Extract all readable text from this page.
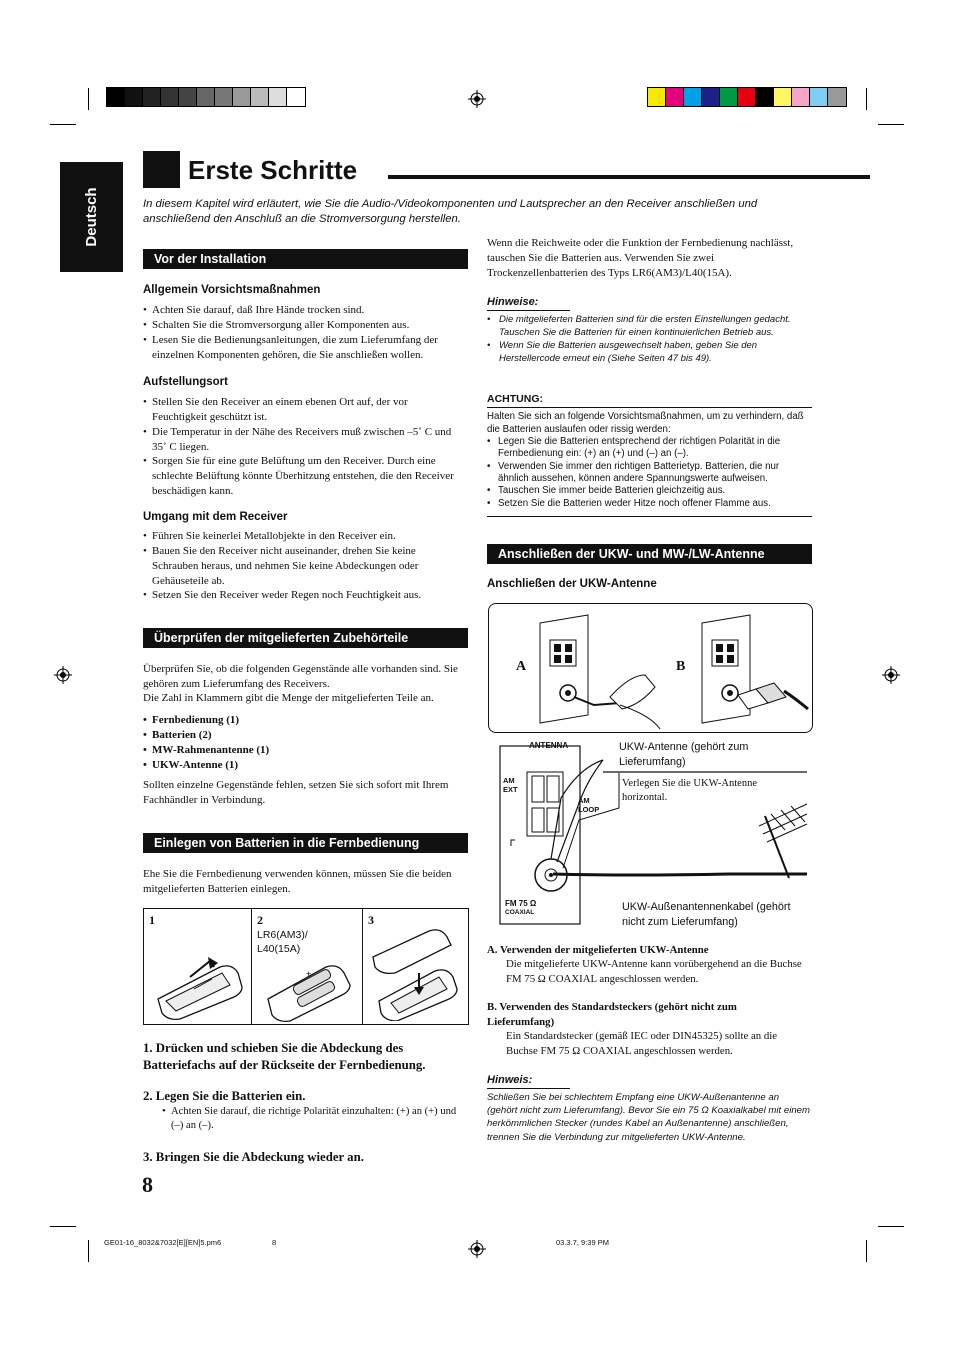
Deutsch
Erste Schritte
In diesem Kapitel wird erläutert, wie Sie die Audio-/Videokomponenten und Lautsprecher an den Receiver anschließen und anschließend den Anschluß an die Stromversorgung herstellen.
Vor der Installation
Allgemein Vorsichtsmaßnahmen
• Achten Sie darauf, daß Ihre Hände trocken sind.
• Schalten Sie die Stromversorgung aller Komponenten aus.
• Lesen Sie die Bedienungsanleitungen, die zum Lieferumfang der einzelnen Komponenten gehören, die Sie anschließen wollen.
Aufstellungsort
• Stellen Sie den Receiver an einem ebenen Ort auf, der vor Feuchtigkeit geschützt ist.
• Die Temperatur in der Nähe des Receivers muß zwischen –5˚ C und 35˚ C liegen.
• Sorgen Sie für eine gute Belüftung um den Receiver. Durch eine schlechte Belüftung könnte Überhitzung entstehen, die den Receiver beschädigen kann.
Umgang mit dem Receiver
• Führen Sie keinerlei Metallobjekte in den Receiver ein.
• Bauen Sie den Receiver nicht auseinander, drehen Sie keine Schrauben heraus, und nehmen Sie keine Abdeckungen oder Gehäuseteile ab.
• Setzen Sie den Receiver weder Regen noch Feuchtigkeit aus.
Überprüfen der mitgelieferten Zubehörteile
Überprüfen Sie, ob die folgenden Gegenstände alle vorhanden sind. Sie gehören zum Lieferumfang des Receivers.
Die Zahl in Klammern gibt die Menge der mitgelieferten Teile an.
• Fernbedienung (1)
• Batterien (2)
• MW-Rahmenantenne (1)
• UKW-Antenne (1)
Sollten einzelne Gegenstände fehlen, setzen Sie sich sofort mit Ihrem Fachhändler in Verbindung.
Einlegen von Batterien in die Fernbedienung
Ehe Sie die Fernbedienung verwenden können, müssen Sie die beiden mitgelieferten Batterien einlegen.
1	2
LR6(AM3)/ L40(15A)
+
3
1. Drücken und schieben Sie die Abdeckung des Batteriefachs auf der Rückseite der Fernbedienung.
2. Legen Sie die Batterien ein.
• Achten Sie darauf, die richtige Polarität einzuhalten: (+) an (+) und (–) an (–).
3. Bringen Sie die Abdeckung wieder an.
8
Wenn die Reichweite oder die Funktion der Fernbedienung nachlässt, tauschen Sie die Batterien aus. Verwenden Sie zwei Trockenzellenbatterien des Typs LR6(AM3)/L40(15A).
Hinweise:
• Die mitgelieferten Batterien sind für die ersten Einstellungen gedacht. Tauschen Sie die Batterien für einen kontinuierlichen Betrieb aus.
• Wenn Sie die Batterien ausgewechselt haben, geben Sie den Herstellercode erneut ein (Siehe Seiten 47 bis 49).
ACHTUNG:
Halten Sie sich an folgende Vorsichtsmaßnahmen, um zu verhindern, daß die Batterien auslaufen oder rissig werden:
• Legen Sie die Batterien entsprechend der richtigen Polarität in die Fernbedienung ein: (+) an (+) und (–) an (–).
• Verwenden Sie immer den richtigen Batterietyp. Batterien, die nur ähnlich aussehen, können andere Spannungswerte aufweisen.
• Tauschen Sie immer beide Batterien gleichzeitig aus.
• Setzen Sie die Batterien weder Hitze noch offener Flamme aus.
Anschließen der UKW- und MW-/LW-Antenne
Anschließen der UKW-Antenne
A	B
ANTENNA
AM EXT
AM LOOP
FM 75 Ω
COAXIAL
UKW-Antenne (gehört zum Lieferumfang)
Verlegen Sie die UKW-Antenne horizontal.
UKW-Außenantennenkabel (gehört nicht zum Lieferumfang)
A. Verwenden der mitgelieferten UKW-Antenne
Die mitgelieferte UKW-Antenne kann vorübergehend an die Buchse FM 75 Ω COAXIAL angeschlossen werden.
B. Verwenden des Standardsteckers (gehört nicht zum Lieferumfang)
Ein Standardstecker (gemäß IEC oder DIN45325) sollte an die Buchse FM 75 Ω COAXIAL angeschlossen werden.
Hinweis:
Schließen Sie bei schlechtem Empfang eine UKW-Außenantenne an (gehört nicht zum Lieferumfang). Bevor Sie ein 75 Ω Koaxialkabel mit einem herkömmlichen Stecker (rundes Kabel an Außenantenne) anschließen, trennen Sie die Verbindung zur mitgelieferten UKW-Antenne.
GE01-16_8032&7032[E][EN]5.pm6	8	03.3.7, 9:39 PM
